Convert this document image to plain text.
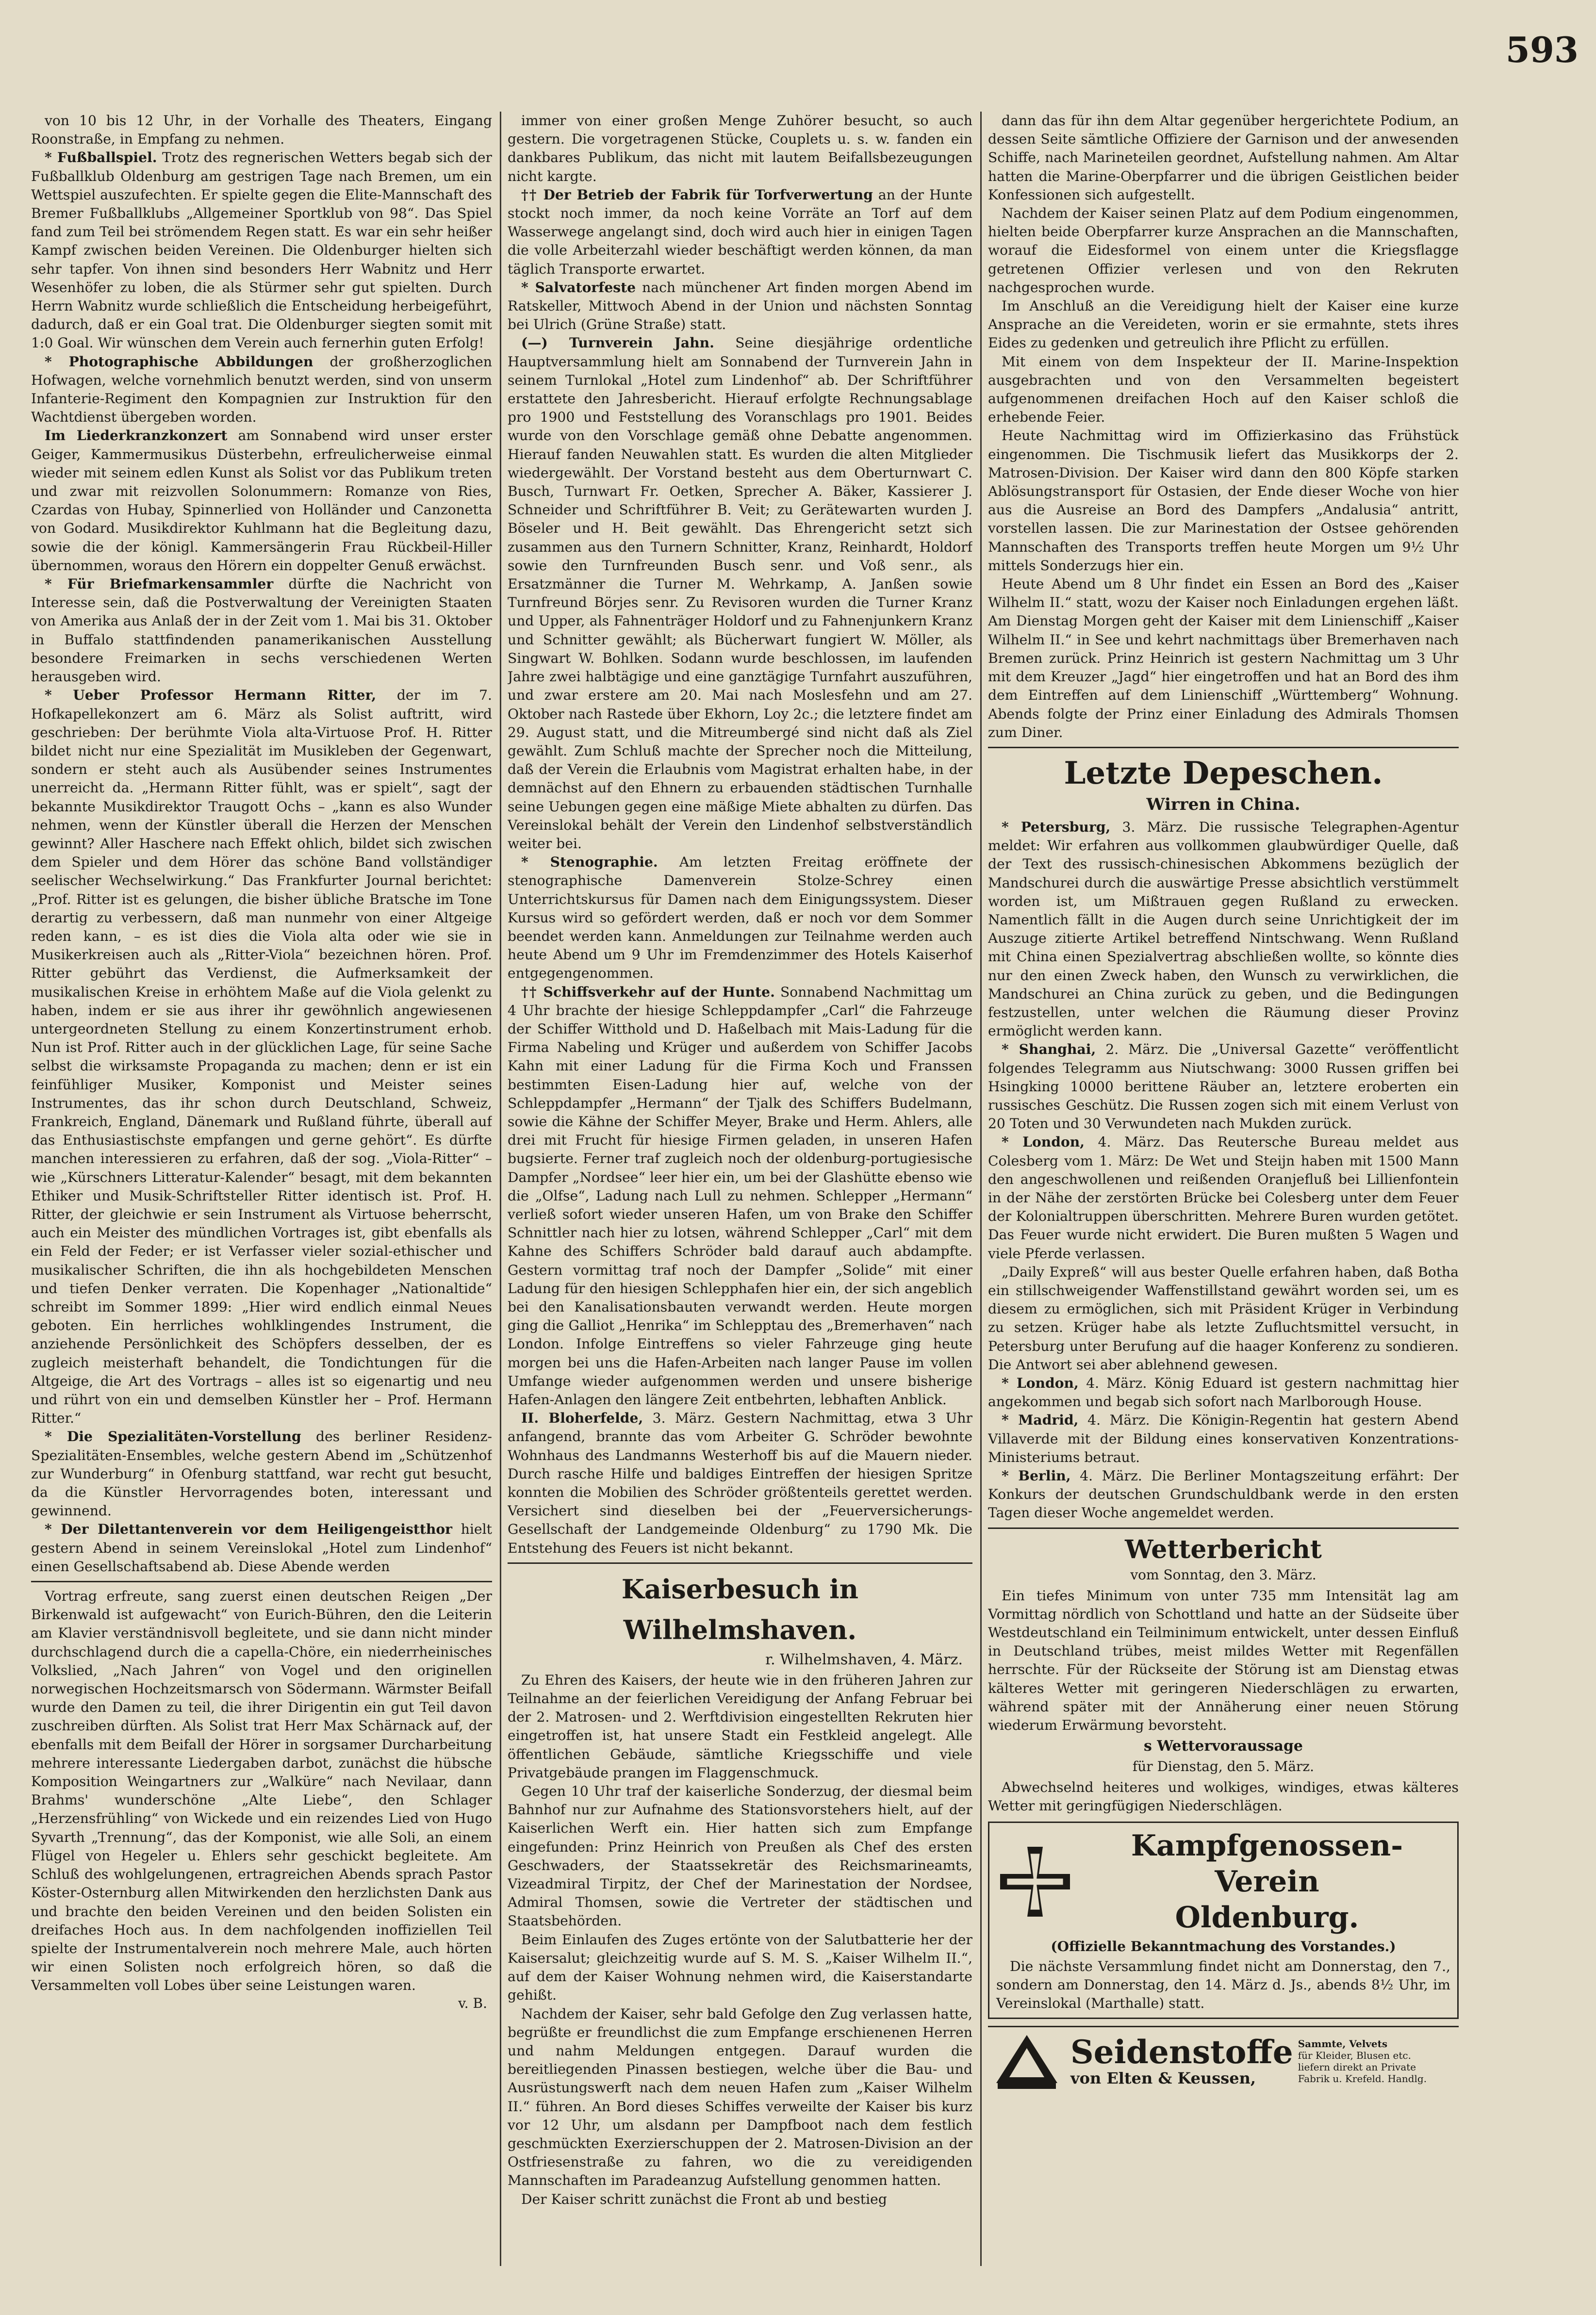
593

von 10 bis 12 Uhr, in der Vorhalle des Theaters, Eingang Roonstraße, in Empfang zu nehmen.

* Fußballspiel. Trotz des regnerischen Wetters begab sich der Fußballklub Oldenburg am gestrigen Tage nach Bremen, um ein Wettspiel auszufechten. Er spielte gegen die Elite-Mannschaft des Bremer Fußballklubs „Allgemeiner Sportklub von 98“. Das Spiel fand zum Teil bei strömendem Regen statt. Es war ein sehr heißer Kampf zwischen beiden Vereinen. Die Oldenburger hielten sich sehr tapfer. Von ihnen sind besonders Herr Wabnitz und Herr Wesenhöfer zu loben, die als Stürmer sehr gut spielten. Durch Herrn Wabnitz wurde schließlich die Entscheidung herbeigeführt, dadurch, daß er ein Goal trat. Die Oldenburger siegten somit mit 1:0 Goal. Wir wünschen dem Verein auch fernerhin guten Erfolg!

* Photographische Abbildungen der großherzoglichen Hofwagen, welche vornehmlich benutzt werden, sind von unserm Infanterie-Regiment den Kompagnien zur Instruktion für den Wachtdienst übergeben worden.

Im Liederkranzkonzert am Sonnabend wird unser erster Geiger, Kammermusikus Düsterbehn, erfreulicherweise einmal wieder mit seinem edlen Kunst als Solist vor das Publikum treten und zwar mit reizvollen Solonummern: Romanze von Ries, Czardas von Hubay, Spinnerlied von Holländer und Canzonetta von Godard. Musikdirektor Kuhlmann hat die Begleitung dazu, sowie die der königl. Kammersängerin Frau Rückbeil-Hiller übernommen, woraus den Hörern ein doppelter Genuß erwächst.

* Für Briefmarkensammler dürfte die Nachricht von Interesse sein, daß die Postverwaltung der Vereinigten Staaten von Amerika aus Anlaß der in der Zeit vom 1. Mai bis 31. Oktober in Buffalo stattfindenden panamerikanischen Ausstellung besondere Freimarken in sechs verschiedenen Werten herausgeben wird.

* Ueber Professor Hermann Ritter, der im 7. Hofkapellekonzert am 6. März als Solist auftritt, wird geschrieben: Der berühmte Viola alta-Virtuose Prof. H. Ritter bildet nicht nur eine Spezialität im Musikleben der Gegenwart, sondern er steht auch als Ausübender seines Instrumentes unerreicht da. „Hermann Ritter fühlt, was er spielt“, sagt der bekannte Musikdirektor Traugott Ochs – „kann es also Wunder nehmen, wenn der Künstler überall die Herzen der Menschen gewinnt? Aller Haschere nach Effekt ohlich, bildet sich zwischen dem Spieler und dem Hörer das schöne Band vollständiger seelischer Wechselwirkung.“ Das Frankfurter Journal berichtet: „Prof. Ritter ist es gelungen, die bisher übliche Bratsche im Tone derartig zu verbessern, daß man nunmehr von einer Altgeige reden kann, – es ist dies die Viola alta oder wie sie in Musikerkreisen auch als „Ritter-Viola“ bezeichnen hören. Prof. Ritter gebührt das Verdienst, die Aufmerksamkeit der musikalischen Kreise in erhöhtem Maße auf die Viola gelenkt zu haben, indem er sie aus ihrer ihr gewöhnlich angewiesenen untergeordneten Stellung zu einem Konzertinstrument erhob. Nun ist Prof. Ritter auch in der glücklichen Lage, für seine Sache selbst die wirksamste Propaganda zu machen; denn er ist ein feinfühliger Musiker, Komponist und Meister seines Instrumentes, das ihr schon durch Deutschland, Schweiz, Frankreich, England, Dänemark und Rußland führte, überall auf das Enthusiastischste empfangen und gerne gehört“. Es dürfte manchen interessieren zu erfahren, daß der sog. „Viola-Ritter“ – wie „Kürschners Litteratur-Kalender“ besagt, mit dem bekannten Ethiker und Musik-Schriftsteller Ritter identisch ist. Prof. H. Ritter, der gleichwie er sein Instrument als Virtuose beherrscht, auch ein Meister des mündlichen Vortrages ist, gibt ebenfalls als ein Feld der Feder; er ist Verfasser vieler sozial-ethischer und musikalischer Schriften, die ihn als hochgebildeten Menschen und tiefen Denker verraten. Die Kopenhager „Nationaltide“ schreibt im Sommer 1899: „Hier wird endlich einmal Neues geboten. Ein herrliches wohlklingendes Instrument, die anziehende Persönlichkeit des Schöpfers desselben, der es zugleich meisterhaft behandelt, die Tondichtungen für die Altgeige, die Art des Vortrags – alles ist so eigenartig und neu und rührt von ein und demselben Künstler her – Prof. Hermann Ritter.“

* Die Spezialitäten-Vorstellung des berliner Residenz-Spezialitäten-Ensembles, welche gestern Abend im „Schützenhof zur Wunderburg“ in Ofenburg stattfand, war recht gut besucht, da die Künstler Hervorragendes boten, interessant und gewinnend.

* Der Dilettantenverein vor dem Heiligengeistthor hielt gestern Abend in seinem Vereinslokal „Hotel zum Lindenhof“ einen Gesellschaftsabend ab. Diese Abende werden

Vortrag erfreute, sang zuerst einen deutschen Reigen „Der Birkenwald ist aufgewacht“ von Eurich-Bühren, den die Leiterin am Klavier verständnisvoll begleitete, und sie dann nicht minder durchschlagend durch die a capella-Chöre, ein niederrheinisches Volkslied, „Nach Jahren“ von Vogel und den originellen norwegischen Hochzeitsmarsch von Södermann. Wärmster Beifall wurde den Damen zu teil, die ihrer Dirigentin ein gut Teil davon zuschreiben dürften. Als Solist trat Herr Max Schärnack auf, der ebenfalls mit dem Beifall der Hörer in sorgsamer Durcharbeitung mehrere interessante Liedergaben darbot, zunächst die hübsche Komposition Weingartners zur „Walküre“ nach Nevilaar, dann Brahms' wunderschöne „Alte Liebe“, den Schlager „Herzensfrühling“ von Wickede und ein reizendes Lied von Hugo Syvarth „Trennung“, das der Komponist, wie alle Soli, an einem Flügel von Hegeler u. Ehlers sehr geschickt begleitete. Am Schluß des wohlgelungenen, ertragreichen Abends sprach Pastor Köster-Osternburg allen Mitwirkenden den herzlichsten Dank aus und brachte den beiden Vereinen und den beiden Solisten ein dreifaches Hoch aus. In dem nachfolgenden inoffiziellen Teil spielte der Instrumentalverein noch mehrere Male, auch hörten wir einen Solisten noch erfolgreich hören, so daß die Versammelten voll Lobes über seine Leistungen waren.

v. B.

immer von einer großen Menge Zuhörer besucht, so auch gestern. Die vorgetragenen Stücke, Couplets u. s. w. fanden ein dankbares Publikum, das nicht mit lautem Beifallsbezeugungen nicht kargte.

†† Der Betrieb der Fabrik für Torfverwertung an der Hunte stockt noch immer, da noch keine Vorräte an Torf auf dem Wasserwege angelangt sind, doch wird auch hier in einigen Tagen die volle Arbeiterzahl wieder beschäftigt werden können, da man täglich Transporte erwartet.

* Salvatorfeste nach münchener Art finden morgen Abend im Ratskeller, Mittwoch Abend in der Union und nächsten Sonntag bei Ulrich (Grüne Straße) statt.

(—) Turnverein Jahn. Seine diesjährige ordentliche Hauptversammlung hielt am Sonnabend der Turnverein Jahn in seinem Turnlokal „Hotel zum Lindenhof“ ab. Der Schriftführer erstattete den Jahresbericht. Hierauf erfolgte Rechnungsablage pro 1900 und Feststellung des Voranschlags pro 1901. Beides wurde von den Vorschlage gemäß ohne Debatte angenommen. Hierauf fanden Neuwahlen statt. Es wurden die alten Mitglieder wiedergewählt. Der Vorstand besteht aus dem Oberturnwart C. Busch, Turnwart Fr. Oetken, Sprecher A. Bäker, Kassierer J. Schneider und Schriftführer B. Veit; zu Gerätewarten wurden J. Böseler und H. Beit gewählt. Das Ehrengericht setzt sich zusammen aus den Turnern Schnitter, Kranz, Reinhardt, Holdorf sowie den Turnfreunden Busch senr. und Voß senr., als Ersatzmänner die Turner M. Wehrkamp, A. Janßen sowie Turnfreund Börjes senr. Zu Revisoren wurden die Turner Kranz und Upper, als Fahnenträger Holdorf und zu Fahnenjunkern Kranz und Schnitter gewählt; als Bücherwart fungiert W. Möller, als Singwart W. Bohlken. Sodann wurde beschlossen, im laufenden Jahre zwei halbtägige und eine ganztägige Turnfahrt auszuführen, und zwar erstere am 20. Mai nach Moslesfehn und am 27. Oktober nach Rastede über Ekhorn, Loy 2c.; die letztere findet am 29. August statt, und die Mitreumbergé sind nicht daß als Ziel gewählt. Zum Schluß machte der Sprecher noch die Mitteilung, daß der Verein die Erlaubnis vom Magistrat erhalten habe, in der demnächst auf den Ehnern zu erbauenden städtischen Turnhalle seine Uebungen gegen eine mäßige Miete abhalten zu dürfen. Das Vereinslokal behält der Verein den Lindenhof selbstverständlich weiter bei.

* Stenographie. Am letzten Freitag eröffnete der stenographische Damenverein Stolze-Schrey einen Unterrichtskursus für Damen nach dem Einigungssystem. Dieser Kursus wird so gefördert werden, daß er noch vor dem Sommer beendet werden kann. Anmeldungen zur Teilnahme werden auch heute Abend um 9 Uhr im Fremdenzimmer des Hotels Kaiserhof entgegengenommen.

†† Schiffsverkehr auf der Hunte. Sonnabend Nachmittag um 4 Uhr brachte der hiesige Schleppdampfer „Carl“ die Fahrzeuge der Schiffer Witthold und D. Haßelbach mit Mais-Ladung für die Firma Nabeling und Krüger und außerdem von Schiffer Jacobs Kahn mit einer Ladung für die Firma Koch und Franssen bestimmten Eisen-Ladung hier auf, welche von der Schleppdampfer „Hermann“ der Tjalk des Schiffers Budelmann, sowie die Kähne der Schiffer Meyer, Brake und Herm. Ahlers, alle drei mit Frucht für hiesige Firmen geladen, in unseren Hafen bugsierte. Ferner traf zugleich noch der oldenburg-portugiesische Dampfer „Nordsee“ leer hier ein, um bei der Glashütte ebenso wie die „Olfse“, Ladung nach Lull zu nehmen. Schlepper „Hermann“ verließ sofort wieder unseren Hafen, um von Brake den Schiffer Schnittler nach hier zu lotsen, während Schlepper „Carl“ mit dem Kahne des Schiffers Schröder bald darauf auch abdampfte. Gestern vormittag traf noch der Dampfer „Solide“ mit einer Ladung für den hiesigen Schlepphafen hier ein, der sich angeblich bei den Kanalisationsbauten verwandt werden. Heute morgen ging die Galliot „Henrika“ im Schlepptau des „Bremerhaven“ nach London. Infolge Eintreffens so vieler Fahrzeuge ging heute morgen bei uns die Hafen-Arbeiten nach langer Pause im vollen Umfange wieder aufgenommen werden und unsere bisherige Hafen-Anlagen den längere Zeit entbehrten, lebhaften Anblick.

II. Bloherfelde, 3. März. Gestern Nachmittag, etwa 3 Uhr anfangend, brannte das vom Arbeiter G. Schröder bewohnte Wohnhaus des Landmanns Westerhoff bis auf die Mauern nieder. Durch rasche Hilfe und baldiges Eintreffen der hiesigen Spritze konnten die Mobilien des Schröder größtenteils gerettet werden. Versichert sind dieselben bei der „Feuerversicherungs-Gesellschaft der Landgemeinde Oldenburg“ zu 1790 Mk. Die Entstehung des Feuers ist nicht bekannt.

Kaiserbesuch in Wilhelmshaven.
r. Wilhelmshaven, 4. März.

Zu Ehren des Kaisers, der heute wie in den früheren Jahren zur Teilnahme an der feierlichen Vereidigung der Anfang Februar bei der 2. Matrosen- und 2. Werftdivision eingestellten Rekruten hier eingetroffen ist, hat unsere Stadt ein Festkleid angelegt. Alle öffentlichen Gebäude, sämtliche Kriegsschiffe und viele Privatgebäude prangen im Flaggenschmuck.

Gegen 10 Uhr traf der kaiserliche Sonderzug, der diesmal beim Bahnhof nur zur Aufnahme des Stationsvorstehers hielt, auf der Kaiserlichen Werft ein. Hier hatten sich zum Empfange eingefunden: Prinz Heinrich von Preußen als Chef des ersten Geschwaders, der Staatssekretär des Reichsmarineamts, Vizeadmiral Tirpitz, der Chef der Marinestation der Nordsee, Admiral Thomsen, sowie die Vertreter der städtischen und Staatsbehörden.

Beim Einlaufen des Zuges ertönte von der Salutbatterie her der Kaisersalut; gleichzeitig wurde auf S. M. S. „Kaiser Wilhelm II.“, auf dem der Kaiser Wohnung nehmen wird, die Kaiserstandarte gehißt.

Nachdem der Kaiser, sehr bald Gefolge den Zug verlassen hatte, begrüßte er freundlichst die zum Empfange erschienenen Herren und nahm Meldungen entgegen. Darauf wurden die bereitliegenden Pinassen bestiegen, welche über die Bau- und Ausrüstungswerft nach dem neuen Hafen zum „Kaiser Wilhelm II.“ führen. An Bord dieses Schiffes verweilte der Kaiser bis kurz vor 12 Uhr, um alsdann per Dampfboot nach dem festlich geschmückten Exerzierschuppen der 2. Matrosen-Division an der Ostfriesenstraße zu fahren, wo die zu vereidigenden Mannschaften im Paradeanzug Aufstellung genommen hatten.

Der Kaiser schritt zunächst die Front ab und bestieg

dann das für ihn dem Altar gegenüber hergerichtete Podium, an dessen Seite sämtliche Offiziere der Garnison und der anwesenden Schiffe, nach Marineteilen geordnet, Aufstellung nahmen. Am Altar hatten die Marine-Oberpfarrer und die übrigen Geistlichen beider Konfessionen sich aufgestellt.

Nachdem der Kaiser seinen Platz auf dem Podium eingenommen, hielten beide Oberpfarrer kurze Ansprachen an die Mannschaften, worauf die Eidesformel von einem unter die Kriegsflagge getretenen Offizier verlesen und von den Rekruten nachgesprochen wurde.

Im Anschluß an die Vereidigung hielt der Kaiser eine kurze Ansprache an die Vereideten, worin er sie ermahnte, stets ihres Eides zu gedenken und getreulich ihre Pflicht zu erfüllen.

Mit einem von dem Inspekteur der II. Marine-Inspektion ausgebrachten und von den Versammelten begeistert aufgenommenen dreifachen Hoch auf den Kaiser schloß die erhebende Feier.

Heute Nachmittag wird im Offizierkasino das Frühstück eingenommen. Die Tischmusik liefert das Musikkorps der 2. Matrosen-Division. Der Kaiser wird dann den 800 Köpfe starken Ablösungstransport für Ostasien, der Ende dieser Woche von hier aus die Ausreise an Bord des Dampfers „Andalusia“ antritt, vorstellen lassen. Die zur Marinestation der Ostsee gehörenden Mannschaften des Transports treffen heute Morgen um 9½ Uhr mittels Sonderzugs hier ein.

Heute Abend um 8 Uhr findet ein Essen an Bord des „Kaiser Wilhelm II.“ statt, wozu der Kaiser noch Einladungen ergehen läßt. Am Dienstag Morgen geht der Kaiser mit dem Linienschiff „Kaiser Wilhelm II.“ in See und kehrt nachmittags über Bremerhaven nach Bremen zurück. Prinz Heinrich ist gestern Nachmittag um 3 Uhr mit dem Kreuzer „Jagd“ hier eingetroffen und hat an Bord des ihm dem Eintreffen auf dem Linienschiff „Württemberg“ Wohnung. Abends folgte der Prinz einer Einladung des Admirals Thomsen zum Diner.

Letzte Depeschen.
Wirren in China.

* Petersburg, 3. März. Die russische Telegraphen-Agentur meldet: Wir erfahren aus vollkommen glaubwürdiger Quelle, daß der Text des russisch-chinesischen Abkommens bezüglich der Mandschurei durch die auswärtige Presse absichtlich verstümmelt worden ist, um Mißtrauen gegen Rußland zu erwecken. Namentlich fällt in die Augen durch seine Unrichtigkeit der im Auszuge zitierte Artikel betreffend Nintschwang. Wenn Rußland mit China einen Spezialvertrag abschließen wollte, so könnte dies nur den einen Zweck haben, den Wunsch zu verwirklichen, die Mandschurei an China zurück zu geben, und die Bedingungen festzustellen, unter welchen die Räumung dieser Provinz ermöglicht werden kann.

* Shanghai, 2. März. Die „Universal Gazette“ veröffentlicht folgendes Telegramm aus Niutschwang: 3000 Russen griffen bei Hsingking 10000 berittene Räuber an, letztere eroberten ein russisches Geschütz. Die Russen zogen sich mit einem Verlust von 20 Toten und 30 Verwundeten nach Mukden zurück.

* London, 4. März. Das Reutersche Bureau meldet aus Colesberg vom 1. März: De Wet und Steijn haben mit 1500 Mann den angeschwollenen und reißenden Oranjefluß bei Lillienfontein in der Nähe der zerstörten Brücke bei Colesberg unter dem Feuer der Kolonialtruppen überschritten. Mehrere Buren wurden getötet. Das Feuer wurde nicht erwidert. Die Buren mußten 5 Wagen und viele Pferde verlassen.

„Daily Expreß“ will aus bester Quelle erfahren haben, daß Botha ein stillschweigender Waffenstillstand gewährt worden sei, um es diesem zu ermöglichen, sich mit Präsident Krüger in Verbindung zu setzen. Krüger habe als letzte Zufluchtsmittel versucht, in Petersburg unter Berufung auf die haager Konferenz zu sondieren. Die Antwort sei aber ablehnend gewesen.

* London, 4. März. König Eduard ist gestern nachmittag hier angekommen und begab sich sofort nach Marlborough House.

* Madrid, 4. März. Die Königin-Regentin hat gestern Abend Villaverde mit der Bildung eines konservativen Konzentrations-Ministeriums betraut.

* Berlin, 4. März. Die Berliner Montagszeitung erfährt: Der Konkurs der deutschen Grundschuldbank werde in den ersten Tagen dieser Woche angemeldet werden.

Wetterbericht
vom Sonntag, den 3. März.

Ein tiefes Minimum von unter 735 mm Intensität lag am Vormittag nördlich von Schottland und hatte an der Südseite über Westdeutschland ein Teilminimum entwickelt, unter dessen Einfluß in Deutschland trübes, meist mildes Wetter mit Regenfällen herrschte. Für der Rückseite der Störung ist am Dienstag etwas kälteres Wetter mit geringeren Niederschlägen zu erwarten, während später mit der Annäherung einer neuen Störung wiederum Erwärmung bevorsteht.

s Wettervoraussage
für Dienstag, den 5. März.

Abwechselnd heiteres und wolkiges, windiges, etwas kälteres Wetter mit geringfügigen Niederschlägen.

Kampfgenossen-Verein
Oldenburg.
(Offizielle Bekanntmachung des Vorstandes.)

Die nächste Versammlung findet nicht am Donnerstag, den 7., sondern am Donnerstag, den 14. März d. Js., abends 8½ Uhr, im Vereinslokal (Marthalle) statt.

Seidenstoffe
von Elten & Keussen,
Sammte, Velvets
für Kleider, Blusen etc.
liefern direkt an Private
Fabrik u. Krefeld. Handlg.
